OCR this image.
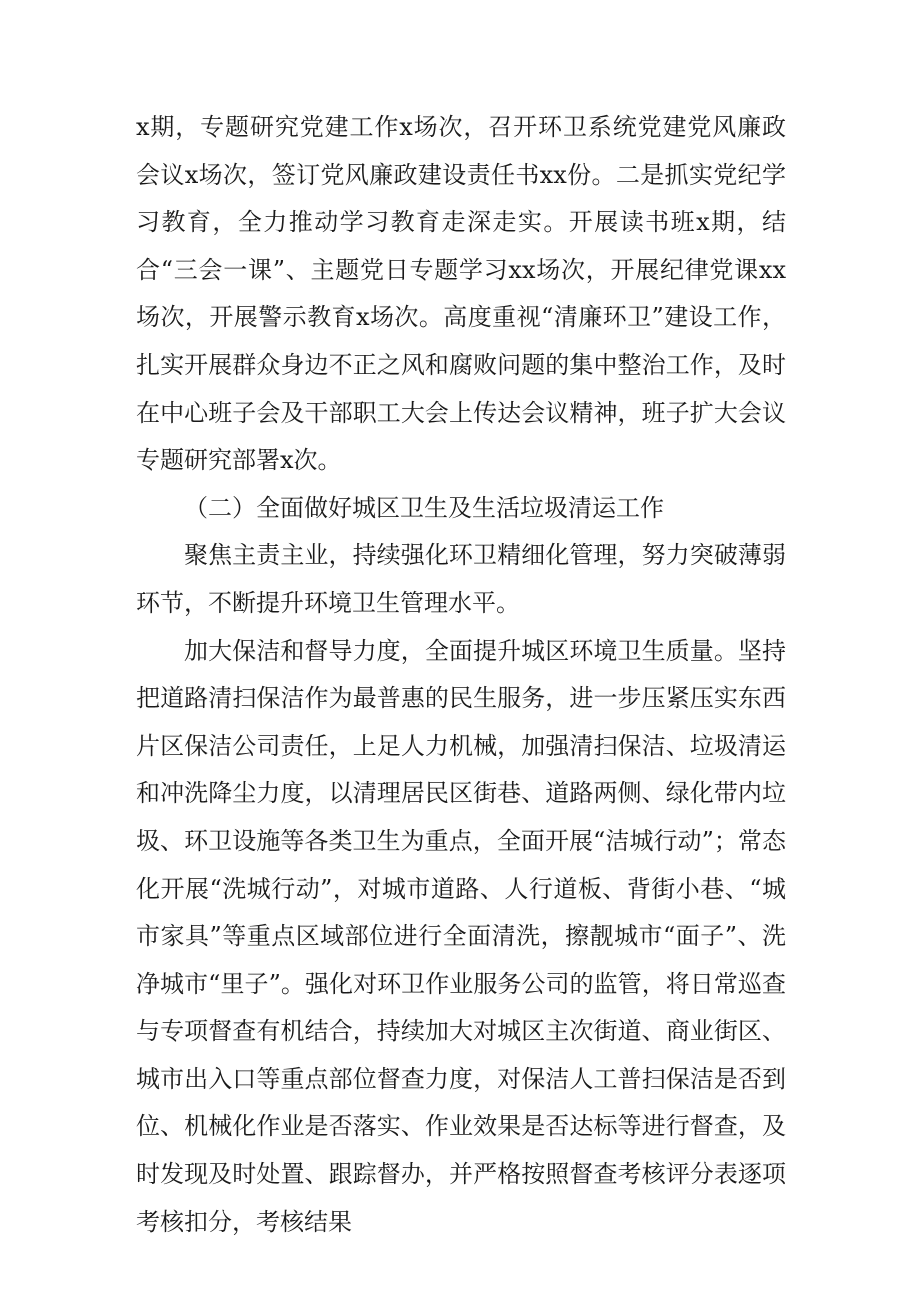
x期，专题研究党建工作x场次，召开环卫系统党建党风廉政会议x场次，签订党风廉政建设责任书xx份。二是抓实党纪学习教育，全力推动学习教育走深走实。开展读书班x期，结合“三会一课”、主题党日专题学习xx场次，开展纪律党课xx场次，开展警示教育x场次。高度重视“清廉环卫”建设工作，扎实开展群众身边不正之风和腐败问题的集中整治工作，及时在中心班子会及干部职工大会上传达会议精神，班子扩大会议专题研究部署x次。

（二）全面做好城区卫生及生活垃圾清运工作

聚焦主责主业，持续强化环卫精细化管理，努力突破薄弱环节，不断提升环境卫生管理水平。

加大保洁和督导力度，全面提升城区环境卫生质量。坚持把道路清扫保洁作为最普惠的民生服务，进一步压紧压实东西片区保洁公司责任，上足人力机械，加强清扫保洁、垃圾清运和冲洗降尘力度，以清理居民区街巷、道路两侧、绿化带内垃圾、环卫设施等各类卫生为重点，全面开展“洁城行动”；常态化开展“洗城行动”，对城市道路、人行道板、背街小巷、“城市家具”等重点区域部位进行全面清洗，擦靓城市“面子”、洗净城市“里子”。强化对环卫作业服务公司的监管，将日常巡查与专项督查有机结合，持续加大对城区主次街道、商业街区、城市出入口等重点部位督查力度，对保洁人工普扫保洁是否到位、机械化作业是否落实、作业效果是否达标等进行督查，及时发现及时处置、跟踪督办，并严格按照督查考核评分表逐项考核扣分，考核结果
